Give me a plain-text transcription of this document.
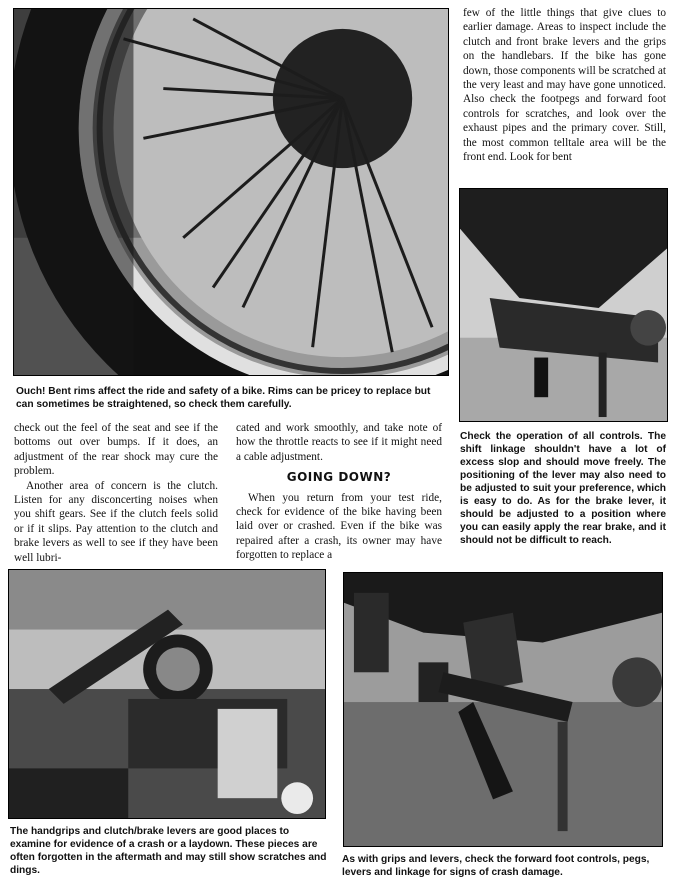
Ouch! Bent rims affect the ride and safety of a bike. Rims can be pricey to replace but can sometimes be straightened, so check them carefully.

few of the little things that give clues to earlier damage. Areas to inspect include the clutch and front brake levers and the grips on the handlebars. If the bike has gone down, those components will be scratched at the very least and may have gone unnoticed. Also check the footpegs and forward foot controls for scratches, and look over the exhaust pipes and the primary cover. Still, the most common telltale area will be the front end. Look for bent

Check the operation of all controls. The shift linkage shouldn't have a lot of excess slop and should move freely. The positioning of the lever may also need to be adjusted to suit your preference, which is easy to do. As for the brake lever, it should be adjusted to a position where you can easily apply the rear brake, and it should not be difficult to reach.

check out the feel of the seat and see if the bottoms out over bumps. If it does, an adjustment of the rear shock may cure the problem.

Another area of concern is the clutch. Listen for any disconcerting noises when you shift gears. See if the clutch feels solid or if it slips. Pay attention to the clutch and brake levers as well to see if they have been well lubri-

cated and work smoothly, and take note of how the throttle reacts to see if it might need a cable adjustment.

GOING DOWN?

When you return from your test ride, check for evidence of the bike having been laid over or crashed. Even if the bike was repaired after a crash, its owner may have forgotten to replace a

The handgrips and clutch/brake levers are good places to examine for evidence of a crash or a laydown. These pieces are often forgotten in the aftermath and may still show scratches and dings.

As with grips and levers, check the forward foot controls, pegs, levers and linkage for signs of crash damage.
